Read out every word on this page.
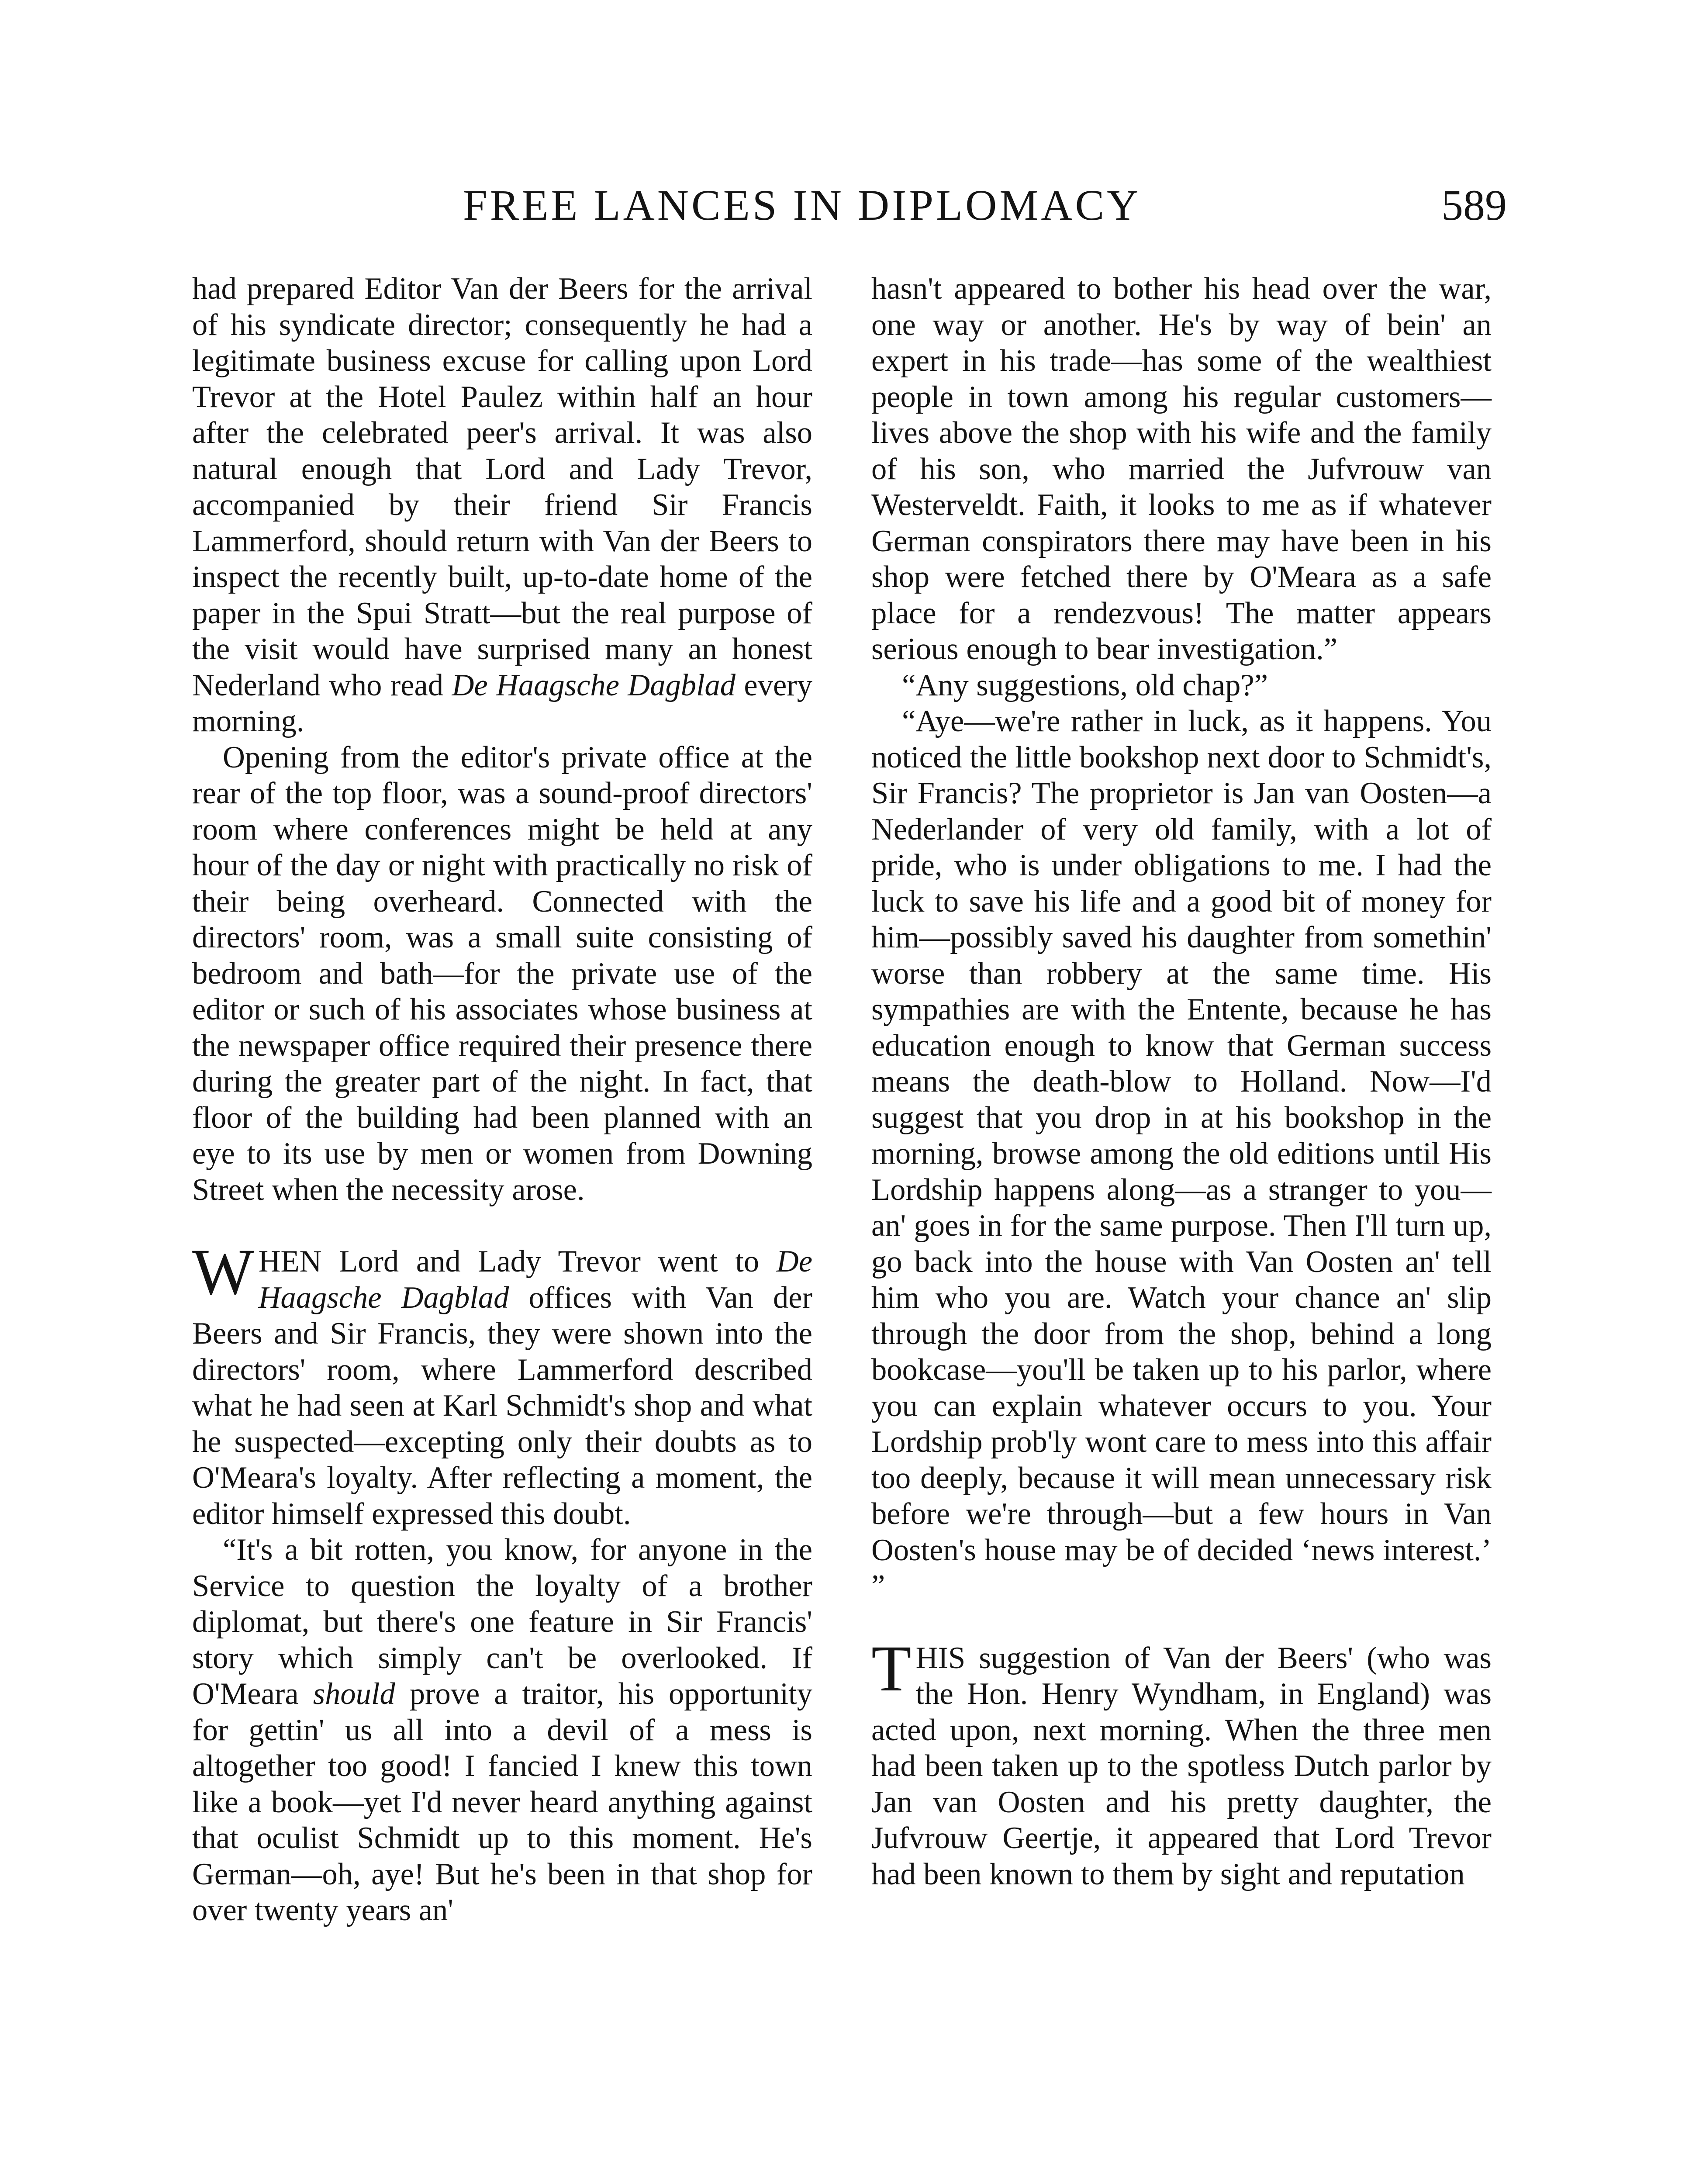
FREE LANCES IN DIPLOMACY	589

had prepared Editor Van der Beers for the arrival of his syndicate director; consequently he had a legitimate business excuse for calling upon Lord Trevor at the Hotel Paulez within half an hour after the celebrated peer's arrival. It was also natural enough that Lord and Lady Trevor, accompanied by their friend Sir Francis Lammerford, should return with Van der Beers to inspect the recently built, up-to-date home of the paper in the Spui Stratt—but the real purpose of the visit would have surprised many an honest Nederland who read De Haagsche Dagblad every morning.

Opening from the editor's private office at the rear of the top floor, was a sound-proof directors' room where conferences might be held at any hour of the day or night with practically no risk of their being overheard. Connected with the directors' room, was a small suite consisting of bedroom and bath—for the private use of the editor or such of his associates whose business at the newspaper office required their presence there during the greater part of the night. In fact, that floor of the building had been planned with an eye to its use by men or women from Downing Street when the necessity arose.

WHEN Lord and Lady Trevor went to De Haagsche Dagblad offices with Van der Beers and Sir Francis, they were shown into the directors' room, where Lammerford described what he had seen at Karl Schmidt's shop and what he suspected—excepting only their doubts as to O'Meara's loyalty. After reflecting a moment, the editor himself expressed this doubt.

“It's a bit rotten, you know, for anyone in the Service to question the loyalty of a brother diplomat, but there's one feature in Sir Francis' story which simply can't be overlooked. If O'Meara should prove a traitor, his opportunity for gettin' us all into a devil of a mess is altogether too good! I fancied I knew this town like a book—yet I'd never heard anything against that oculist Schmidt up to this moment. He's German—oh, aye! But he's been in that shop for over twenty years an'

hasn't appeared to bother his head over the war, one way or another. He's by way of bein' an expert in his trade—has some of the wealthiest people in town among his regular customers—lives above the shop with his wife and the family of his son, who married the Jufvrouw van Westerveldt. Faith, it looks to me as if whatever German conspirators there may have been in his shop were fetched there by O'Meara as a safe place for a rendezvous! The matter appears serious enough to bear investigation.”

“Any suggestions, old chap?”

“Aye—we're rather in luck, as it happens. You noticed the little bookshop next door to Schmidt's, Sir Francis? The proprietor is Jan van Oosten—a Nederlander of very old family, with a lot of pride, who is under obligations to me. I had the luck to save his life and a good bit of money for him—possibly saved his daughter from somethin' worse than robbery at the same time. His sympathies are with the Entente, because he has education enough to know that German success means the death-blow to Holland. Now—I'd suggest that you drop in at his bookshop in the morning, browse among the old editions until His Lordship happens along—as a stranger to you—an' goes in for the same purpose. Then I'll turn up, go back into the house with Van Oosten an' tell him who you are. Watch your chance an' slip through the door from the shop, behind a long bookcase—you'll be taken up to his parlor, where you can explain whatever occurs to you. Your Lordship prob'ly wont care to mess into this affair too deeply, because it will mean unnecessary risk before we're through—but a few hours in Van Oosten's house may be of decided ‘news interest.’ ”

THIS suggestion of Van der Beers' (who was the Hon. Henry Wyndham, in England) was acted upon, next morning. When the three men had been taken up to the spotless Dutch parlor by Jan van Oosten and his pretty daughter, the Jufvrouw Geertje, it appeared that Lord Trevor had been known to them by sight and reputation
